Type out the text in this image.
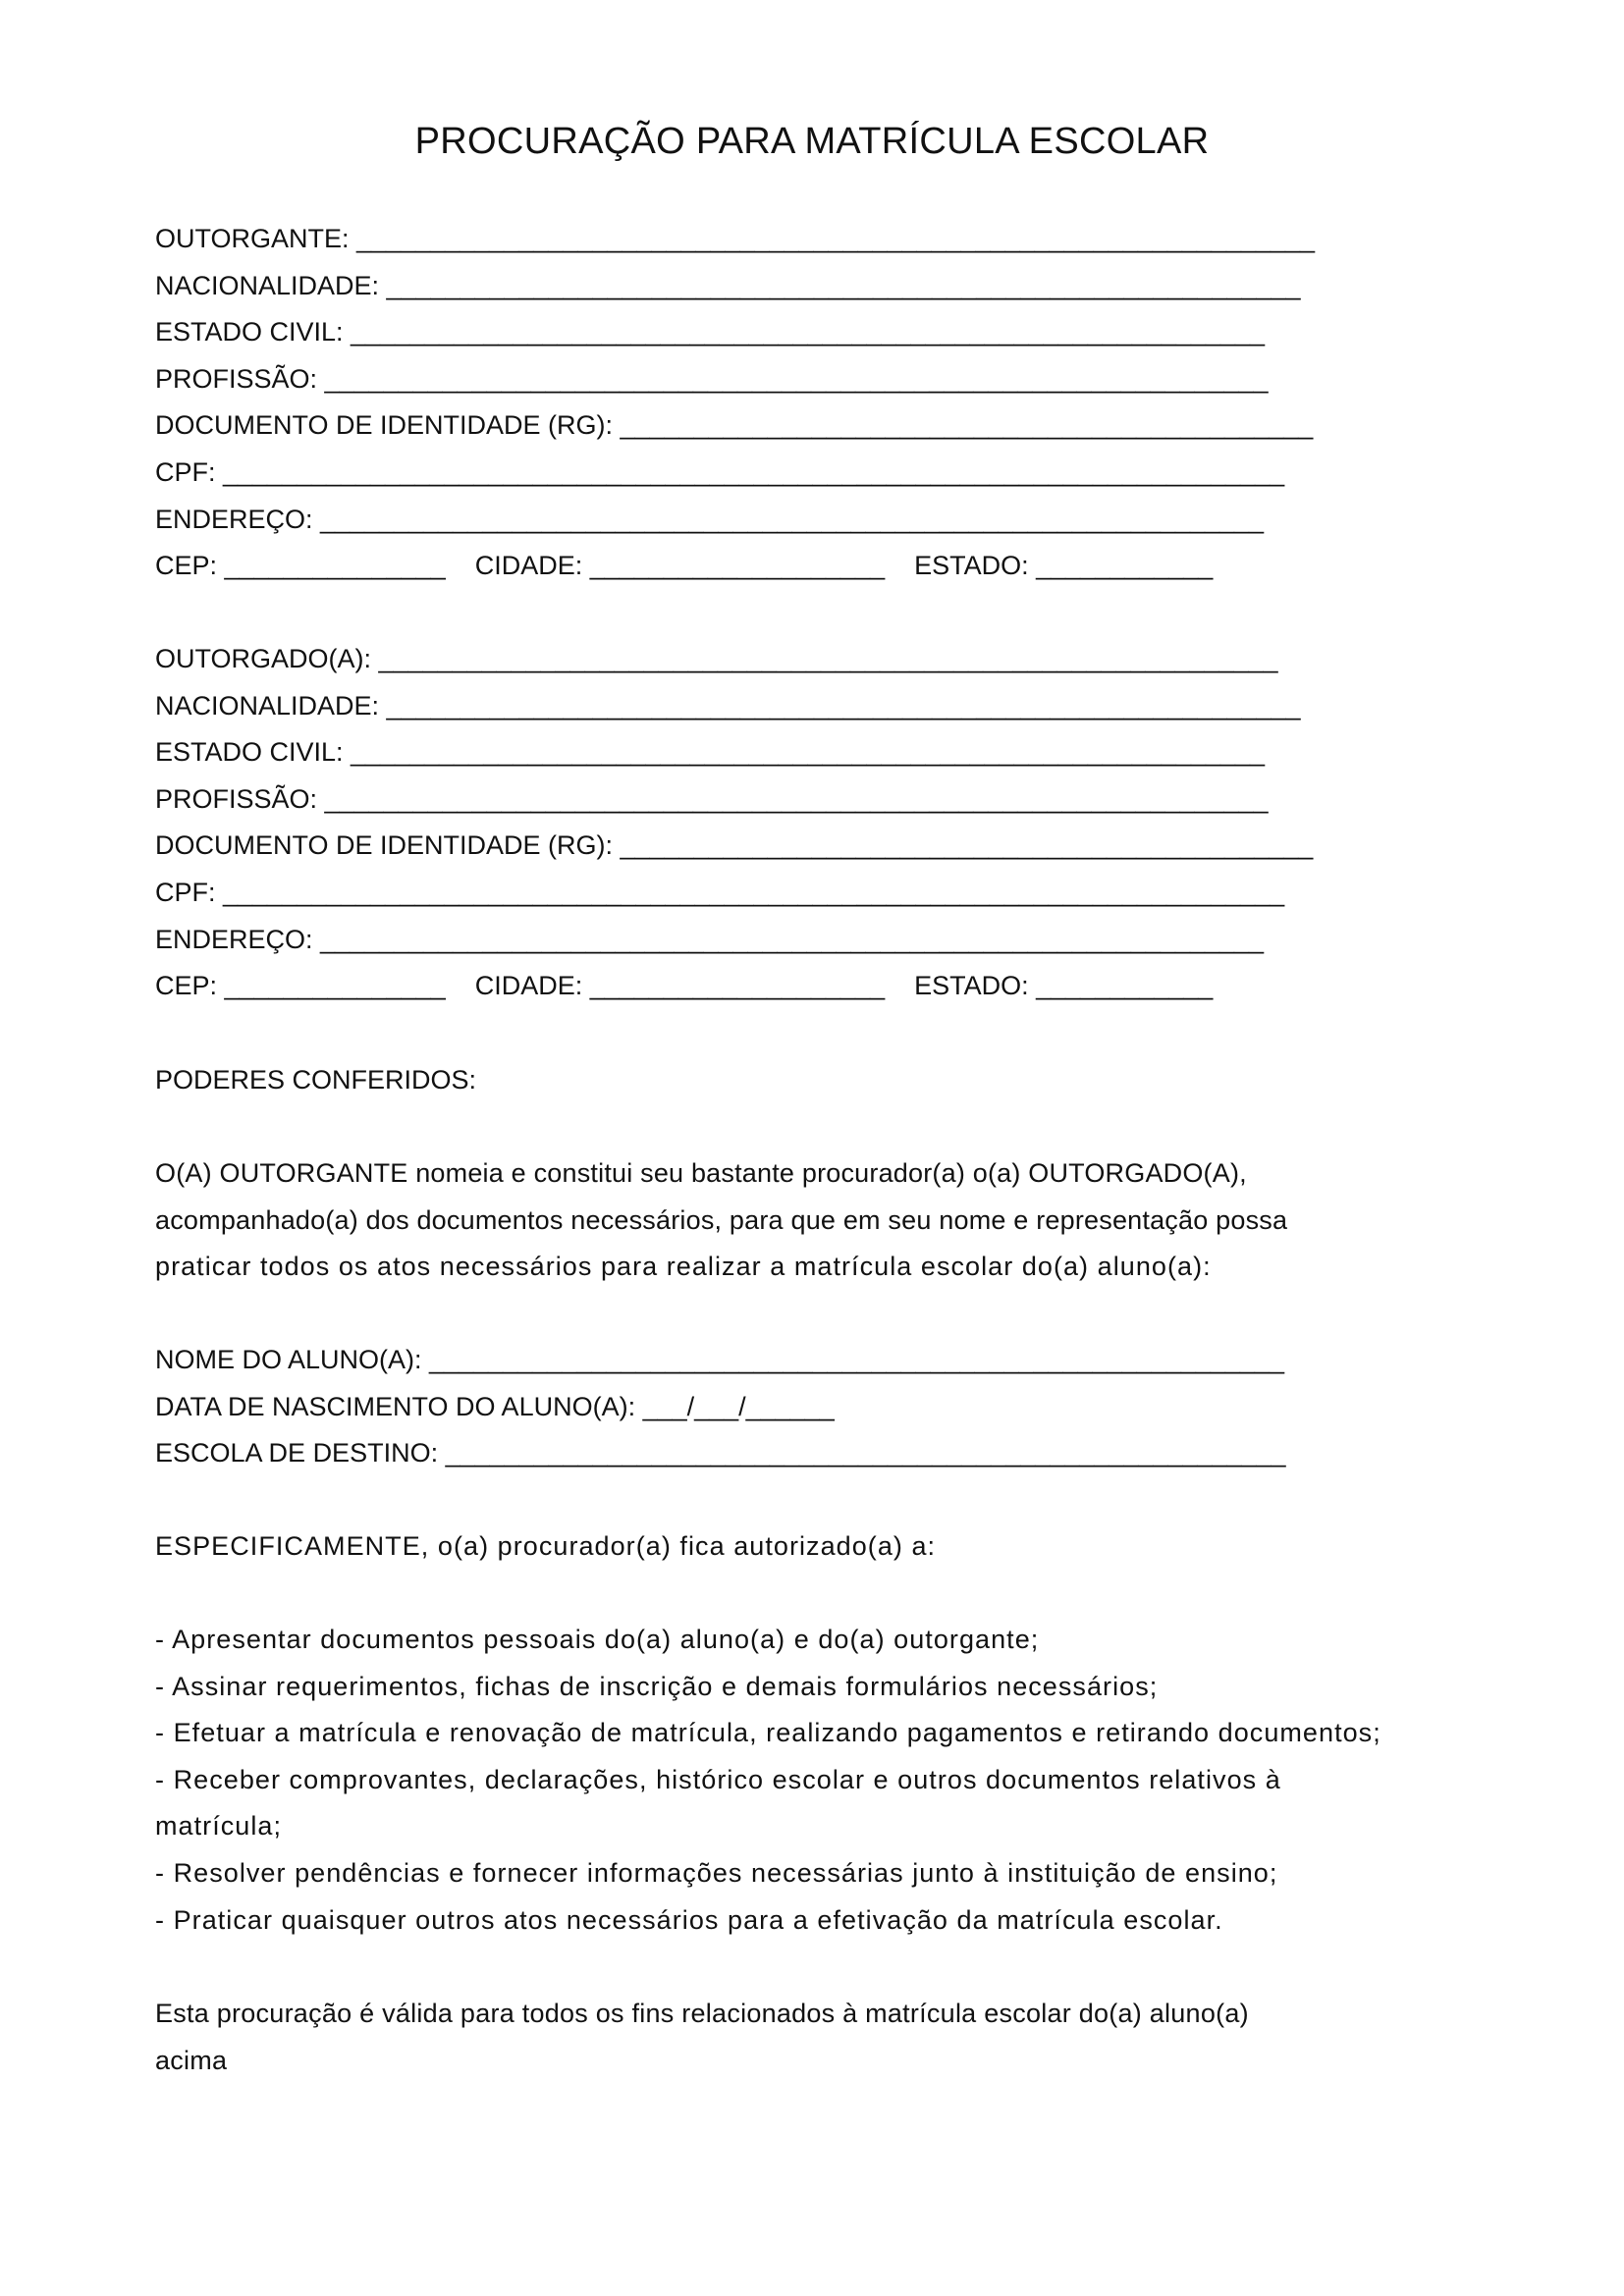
PROCURAÇÃO PARA MATRÍCULA ESCOLAR
OUTORGANTE: _________________________________________________________________
NACIONALIDADE: ______________________________________________________________
ESTADO CIVIL: ______________________________________________________________
PROFISSÃO: ________________________________________________________________
DOCUMENTO DE IDENTIDADE (RG): _______________________________________________
CPF: ________________________________________________________________________
ENDEREÇO: ________________________________________________________________
CEP: _______________    CIDADE: ____________________    ESTADO: ____________
OUTORGADO(A): _____________________________________________________________
NACIONALIDADE: ______________________________________________________________
ESTADO CIVIL: ______________________________________________________________
PROFISSÃO: ________________________________________________________________
DOCUMENTO DE IDENTIDADE (RG): _______________________________________________
CPF: ________________________________________________________________________
ENDEREÇO: ________________________________________________________________
CEP: _______________    CIDADE: ____________________    ESTADO: ____________
PODERES CONFERIDOS:
O(A) OUTORGANTE nomeia e constitui seu bastante procurador(a) o(a) OUTORGADO(A),
acompanhado(a) dos documentos necessários, para que em seu nome e representação possa
praticar todos os atos necessários para realizar a matrícula escolar do(a) aluno(a):
NOME DO ALUNO(A): __________________________________________________________
DATA DE NASCIMENTO DO ALUNO(A): ___/___/______
ESCOLA DE DESTINO: _________________________________________________________
ESPECIFICAMENTE, o(a) procurador(a) fica autorizado(a) a:
- Apresentar documentos pessoais do(a) aluno(a) e do(a) outorgante;
- Assinar requerimentos, fichas de inscrição e demais formulários necessários;
- Efetuar a matrícula e renovação de matrícula, realizando pagamentos e retirando documentos;
- Receber comprovantes, declarações, histórico escolar e outros documentos relativos à
matrícula;
- Resolver pendências e fornecer informações necessárias junto à instituição de ensino;
- Praticar quaisquer outros atos necessários para a efetivação da matrícula escolar.
Esta procuração é válida para todos os fins relacionados à matrícula escolar do(a) aluno(a)
acima
